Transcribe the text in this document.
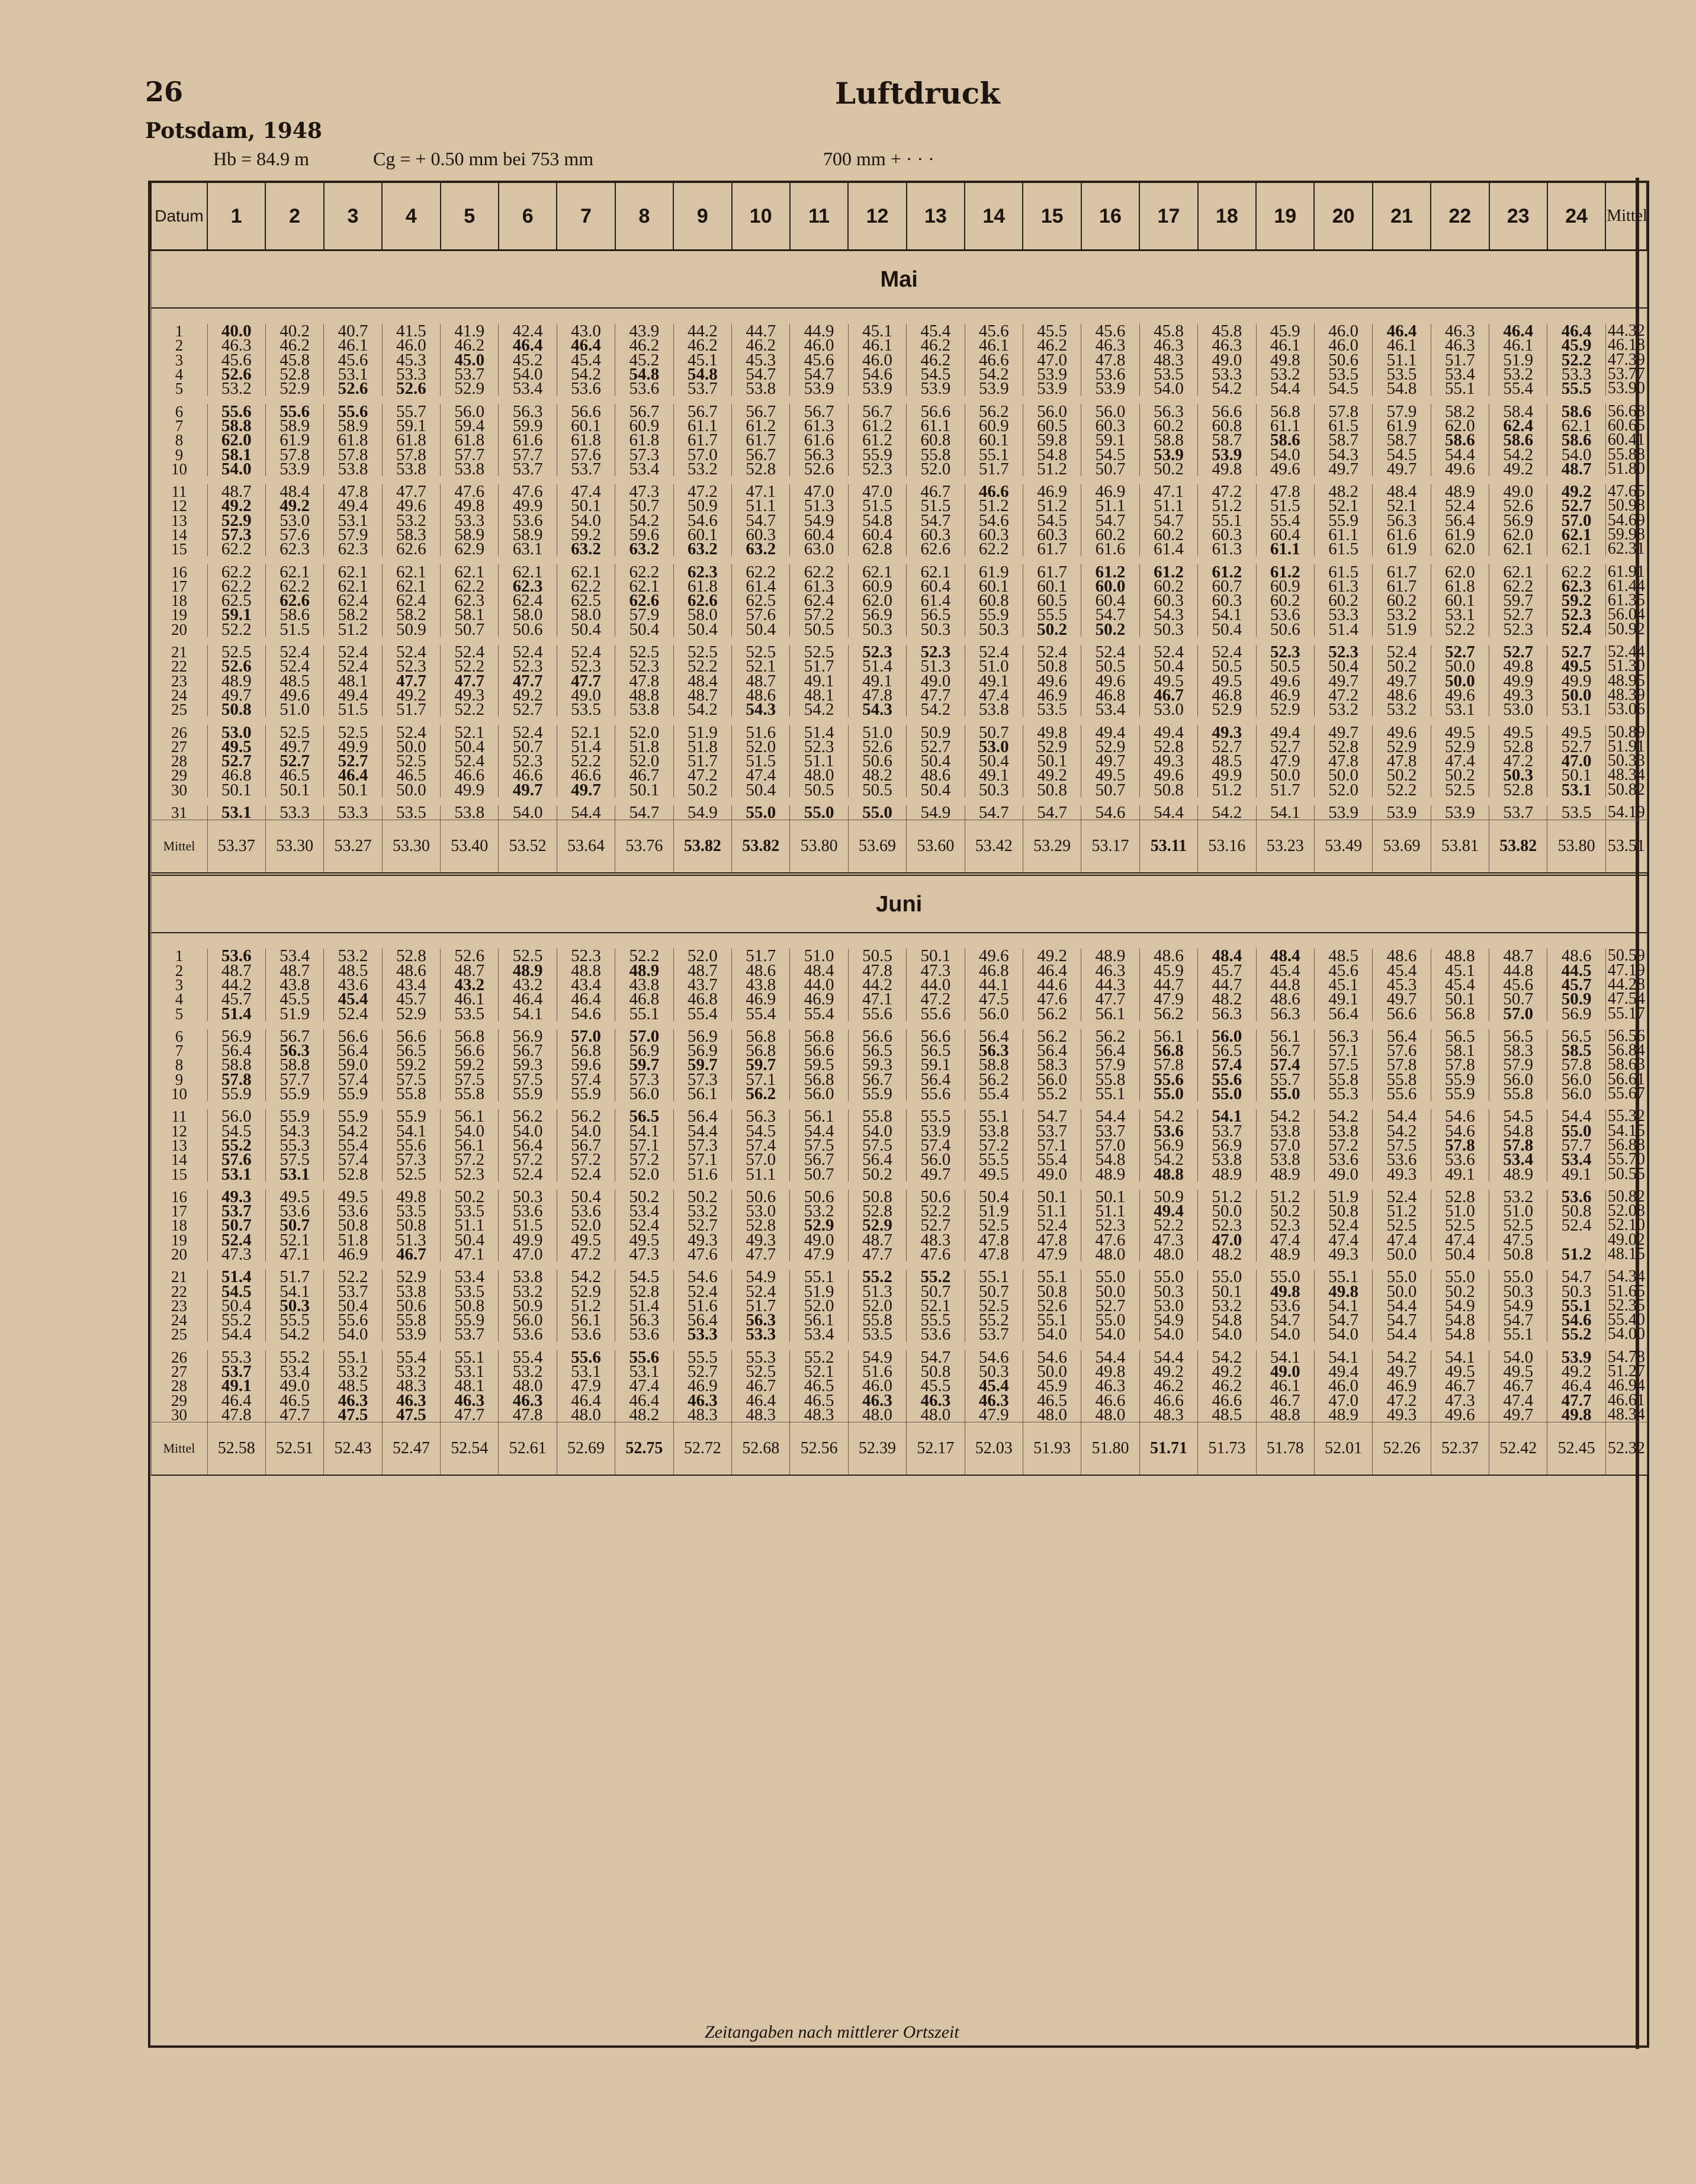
26	Luftdruck
Potsdam, 1948
Hb = 84.9 m	Cg = + 0.50 mm bei 753 mm	700 mm + · · ·
Datum	1	2	3	4	5	6	7	8	9	10	11	12	13	14	15	16	17	18	19	20	21	22	23	24	Mittel
Mai																									

1	40.0	40.2	40.7	41.5	41.9	42.4	43.0	43.9	44.2	44.7	44.9	45.1	45.4	45.6	45.5	45.6	45.8	45.8	45.9	46.0	46.4	46.3	46.4	46.4	44.32
2	46.3	46.2	46.1	46.0	46.2	46.4	46.4	46.2	46.2	46.2	46.0	46.1	46.2	46.1	46.2	46.3	46.3	46.3	46.1	46.0	46.1	46.3	46.1	45.9	46.18
3	45.6	45.8	45.6	45.3	45.0	45.2	45.4	45.2	45.1	45.3	45.6	46.0	46.2	46.6	47.0	47.8	48.3	49.0	49.8	50.6	51.1	51.7	51.9	52.2	47.39
4	52.6	52.8	53.1	53.3	53.7	54.0	54.2	54.8	54.8	54.7	54.7	54.6	54.5	54.2	53.9	53.6	53.5	53.3	53.2	53.5	53.5	53.4	53.2	53.3	53.77
5	53.2	52.9	52.6	52.6	52.9	53.4	53.6	53.6	53.7	53.8	53.9	53.9	53.9	53.9	53.9	53.9	54.0	54.2	54.4	54.5	54.8	55.1	55.4	55.5	53.90

6	55.6	55.6	55.6	55.7	56.0	56.3	56.6	56.7	56.7	56.7	56.7	56.7	56.6	56.2	56.0	56.0	56.3	56.6	56.8	57.8	57.9	58.2	58.4	58.6	56.68
7	58.8	58.9	58.9	59.1	59.4	59.9	60.1	60.9	61.1	61.2	61.3	61.2	61.1	60.9	60.5	60.3	60.2	60.8	61.1	61.5	61.9	62.0	62.4	62.1	60.65
8	62.0	61.9	61.8	61.8	61.8	61.6	61.8	61.8	61.7	61.7	61.6	61.2	60.8	60.1	59.8	59.1	58.8	58.7	58.6	58.7	58.7	58.6	58.6	58.6	60.41
9	58.1	57.8	57.8	57.8	57.7	57.7	57.6	57.3	57.0	56.7	56.3	55.9	55.8	55.1	54.8	54.5	53.9	53.9	54.0	54.3	54.5	54.4	54.2	54.0	55.88
10	54.0	53.9	53.8	53.8	53.8	53.7	53.7	53.4	53.2	52.8	52.6	52.3	52.0	51.7	51.2	50.7	50.2	49.8	49.6	49.7	49.7	49.6	49.2	48.7	51.80

11	48.7	48.4	47.8	47.7	47.6	47.6	47.4	47.3	47.2	47.1	47.0	47.0	46.7	46.6	46.9	46.9	47.1	47.2	47.8	48.2	48.4	48.9	49.0	49.2	47.65
12	49.2	49.2	49.4	49.6	49.8	49.9	50.1	50.7	50.9	51.1	51.3	51.5	51.5	51.2	51.2	51.1	51.1	51.2	51.5	52.1	52.1	52.4	52.6	52.7	50.98
13	52.9	53.0	53.1	53.2	53.3	53.6	54.0	54.2	54.6	54.7	54.9	54.8	54.7	54.6	54.5	54.7	54.7	55.1	55.4	55.9	56.3	56.4	56.9	57.0	54.69
14	57.3	57.6	57.9	58.3	58.9	58.9	59.2	59.6	60.1	60.3	60.4	60.4	60.3	60.3	60.3	60.2	60.2	60.3	60.4	61.1	61.6	61.9	62.0	62.1	59.98
15	62.2	62.3	62.3	62.6	62.9	63.1	63.2	63.2	63.2	63.2	63.0	62.8	62.6	62.2	61.7	61.6	61.4	61.3	61.1	61.5	61.9	62.0	62.1	62.1	62.31

16	62.2	62.1	62.1	62.1	62.1	62.1	62.1	62.2	62.3	62.2	62.2	62.1	62.1	61.9	61.7	61.2	61.2	61.2	61.2	61.5	61.7	62.0	62.1	62.2	61.91
17	62.2	62.2	62.1	62.1	62.2	62.3	62.2	62.1	61.8	61.4	61.3	60.9	60.4	60.1	60.1	60.0	60.2	60.7	60.9	61.3	61.7	61.8	62.2	62.3	61.44
18	62.5	62.6	62.4	62.4	62.3	62.4	62.5	62.6	62.6	62.5	62.4	62.0	61.4	60.8	60.5	60.4	60.3	60.3	60.2	60.2	60.2	60.1	59.7	59.2	61.35
19	59.1	58.6	58.2	58.2	58.1	58.0	58.0	57.9	58.0	57.6	57.2	56.9	56.5	55.9	55.5	54.7	54.3	54.1	53.6	53.3	53.2	53.1	52.7	52.3	56.04
20	52.2	51.5	51.2	50.9	50.7	50.6	50.4	50.4	50.4	50.4	50.5	50.3	50.3	50.3	50.2	50.2	50.3	50.4	50.6	51.4	51.9	52.2	52.3	52.4	50.92

21	52.5	52.4	52.4	52.4	52.4	52.4	52.4	52.5	52.5	52.5	52.5	52.3	52.3	52.4	52.4	52.4	52.4	52.4	52.3	52.3	52.4	52.7	52.7	52.7	52.44
22	52.6	52.4	52.4	52.3	52.2	52.3	52.3	52.3	52.2	52.1	51.7	51.4	51.3	51.0	50.8	50.5	50.4	50.5	50.5	50.4	50.2	50.0	49.8	49.5	51.30
23	48.9	48.5	48.1	47.7	47.7	47.7	47.7	47.8	48.4	48.7	49.1	49.1	49.0	49.1	49.6	49.6	49.5	49.5	49.6	49.7	49.7	50.0	49.9	49.9	48.95
24	49.7	49.6	49.4	49.2	49.3	49.2	49.0	48.8	48.7	48.6	48.1	47.8	47.7	47.4	46.9	46.8	46.7	46.8	46.9	47.2	48.6	49.6	49.3	50.0	48.39
25	50.8	51.0	51.5	51.7	52.2	52.7	53.5	53.8	54.2	54.3	54.2	54.3	54.2	53.8	53.5	53.4	53.0	52.9	52.9	53.2	53.2	53.1	53.0	53.1	53.06

26	53.0	52.5	52.5	52.4	52.1	52.4	52.1	52.0	51.9	51.6	51.4	51.0	50.9	50.7	49.8	49.4	49.4	49.3	49.4	49.7	49.6	49.5	49.5	49.5	50.89
27	49.5	49.7	49.9	50.0	50.4	50.7	51.4	51.8	51.8	52.0	52.3	52.6	52.7	53.0	52.9	52.9	52.8	52.7	52.7	52.8	52.9	52.9	52.8	52.7	51.91
28	52.7	52.7	52.7	52.5	52.4	52.3	52.2	52.0	51.7	51.5	51.1	50.6	50.4	50.4	50.1	49.7	49.3	48.5	47.9	47.8	47.8	47.4	47.2	47.0	50.33
29	46.8	46.5	46.4	46.5	46.6	46.6	46.6	46.7	47.2	47.4	48.0	48.2	48.6	49.1	49.2	49.5	49.6	49.9	50.0	50.0	50.2	50.2	50.3	50.1	48.34
30	50.1	50.1	50.1	50.0	49.9	49.7	49.7	50.1	50.2	50.4	50.5	50.5	50.4	50.3	50.8	50.7	50.8	51.2	51.7	52.0	52.2	52.5	52.8	53.1	50.82

31	53.1	53.3	53.3	53.5	53.8	54.0	54.4	54.7	54.9	55.0	55.0	55.0	54.9	54.7	54.7	54.6	54.4	54.2	54.1	53.9	53.9	53.9	53.7	53.5	54.19
Mittel	53.37	53.30	53.27	53.30	53.40	53.52	53.64	53.76	53.82	53.82	53.80	53.69	53.60	53.42	53.29	53.17	53.11	53.16	53.23	53.49	53.69	53.81	53.82	53.80	53.51
Juni																									

1	53.6	53.4	53.2	52.8	52.6	52.5	52.3	52.2	52.0	51.7	51.0	50.5	50.1	49.6	49.2	48.9	48.6	48.4	48.4	48.5	48.6	48.8	48.7	48.6	50.59
2	48.7	48.7	48.5	48.6	48.7	48.9	48.8	48.9	48.7	48.6	48.4	47.8	47.3	46.8	46.4	46.3	45.9	45.7	45.4	45.6	45.4	45.1	44.8	44.5	47.19
3	44.2	43.8	43.6	43.4	43.2	43.2	43.4	43.8	43.7	43.8	44.0	44.2	44.0	44.1	44.6	44.3	44.7	44.7	44.8	45.1	45.3	45.4	45.6	45.7	44.28
4	45.7	45.5	45.4	45.7	46.1	46.4	46.4	46.8	46.8	46.9	46.9	47.1	47.2	47.5	47.6	47.7	47.9	48.2	48.6	49.1	49.7	50.1	50.7	50.9	47.54
5	51.4	51.9	52.4	52.9	53.5	54.1	54.6	55.1	55.4	55.4	55.4	55.6	55.6	56.0	56.2	56.1	56.2	56.3	56.3	56.4	56.6	56.8	57.0	56.9	55.17

6	56.9	56.7	56.6	56.6	56.8	56.9	57.0	57.0	56.9	56.8	56.8	56.6	56.6	56.4	56.2	56.2	56.1	56.0	56.1	56.3	56.4	56.5	56.5	56.5	56.56
7	56.4	56.3	56.4	56.5	56.6	56.7	56.8	56.9	56.9	56.8	56.6	56.5	56.5	56.3	56.4	56.4	56.8	56.5	56.7	57.1	57.6	58.1	58.3	58.5	56.84
8	58.8	58.8	59.0	59.2	59.2	59.3	59.6	59.7	59.7	59.7	59.5	59.3	59.1	58.8	58.3	57.9	57.8	57.4	57.4	57.5	57.8	57.8	57.9	57.8	58.63
9	57.8	57.7	57.4	57.5	57.5	57.5	57.4	57.3	57.3	57.1	56.8	56.7	56.4	56.2	56.0	55.8	55.6	55.6	55.7	55.8	55.8	55.9	56.0	56.0	56.61
10	55.9	55.9	55.9	55.8	55.8	55.9	55.9	56.0	56.1	56.2	56.0	55.9	55.6	55.4	55.2	55.1	55.0	55.0	55.0	55.3	55.6	55.9	55.8	56.0	55.67

11	56.0	55.9	55.9	55.9	56.1	56.2	56.2	56.5	56.4	56.3	56.1	55.8	55.5	55.1	54.7	54.4	54.2	54.1	54.2	54.2	54.4	54.6	54.5	54.4	55.32
12	54.5	54.3	54.2	54.1	54.0	54.0	54.0	54.1	54.4	54.5	54.4	54.0	53.9	53.8	53.7	53.7	53.6	53.7	53.8	53.8	54.2	54.6	54.8	55.0	54.15
13	55.2	55.3	55.4	55.6	56.1	56.4	56.7	57.1	57.3	57.4	57.5	57.5	57.4	57.2	57.1	57.0	56.9	56.9	57.0	57.2	57.5	57.8	57.8	57.7	56.88
14	57.6	57.5	57.4	57.3	57.2	57.2	57.2	57.2	57.1	57.0	56.7	56.4	56.0	55.5	55.4	54.8	54.2	53.8	53.8	53.6	53.6	53.6	53.4	53.4	55.70
15	53.1	53.1	52.8	52.5	52.3	52.4	52.4	52.0	51.6	51.1	50.7	50.2	49.7	49.5	49.0	48.9	48.8	48.9	48.9	49.0	49.3	49.1	48.9	49.1	50.55

16	49.3	49.5	49.5	49.8	50.2	50.3	50.4	50.2	50.2	50.6	50.6	50.8	50.6	50.4	50.1	50.1	50.9	51.2	51.2	51.9	52.4	52.8	53.2	53.6	50.82
17	53.7	53.6	53.6	53.5	53.5	53.6	53.6	53.4	53.2	53.0	53.2	52.8	52.2	51.9	51.1	51.1	49.4	50.0	50.2	50.8	51.2	51.0	51.0	50.8	52.08
18	50.7	50.7	50.8	50.8	51.1	51.5	52.0	52.4	52.7	52.8	52.9	52.9	52.7	52.5	52.4	52.3	52.2	52.3	52.3	52.4	52.5	52.5	52.5	52.4	52.10
19	52.4	52.1	51.8	51.3	50.4	49.9	49.5	49.5	49.3	49.3	49.0	48.7	48.3	47.8	47.8	47.6	47.3	47.0	47.4	47.4	47.4	47.4	47.5		49.02
20	47.3	47.1	46.9	46.7	47.1	47.0	47.2	47.3	47.6	47.7	47.9	47.7	47.6	47.8	47.9	48.0	48.0	48.2	48.9	49.3	50.0	50.4	50.8	51.2	48.15

21	51.4	51.7	52.2	52.9	53.4	53.8	54.2	54.5	54.6	54.9	55.1	55.2	55.2	55.1	55.1	55.0	55.0	55.0	55.0	55.1	55.0	55.0	55.0	54.7	54.34
22	54.5	54.1	53.7	53.8	53.5	53.2	52.9	52.8	52.4	52.4	51.9	51.3	50.7	50.7	50.8	50.0	50.3	50.1	49.8	49.8	50.0	50.2	50.3	50.3	51.65
23	50.4	50.3	50.4	50.6	50.8	50.9	51.2	51.4	51.6	51.7	52.0	52.0	52.1	52.5	52.6	52.7	53.0	53.2	53.6	54.1	54.4	54.9	54.9	55.1	52.35
24	55.2	55.5	55.6	55.8	55.9	56.0	56.1	56.3	56.4	56.3	56.1	55.8	55.5	55.2	55.1	55.0	54.9	54.8	54.7	54.7	54.7	54.8	54.7	54.6	55.40
25	54.4	54.2	54.0	53.9	53.7	53.6	53.6	53.6	53.3	53.3	53.4	53.5	53.6	53.7	54.0	54.0	54.0	54.0	54.0	54.0	54.4	54.8	55.1	55.2	54.00

26	55.3	55.2	55.1	55.4	55.1	55.4	55.6	55.6	55.5	55.3	55.2	54.9	54.7	54.6	54.6	54.4	54.4	54.2	54.1	54.1	54.2	54.1	54.0	53.9	54.78
27	53.7	53.4	53.2	53.2	53.1	53.2	53.1	53.1	52.7	52.5	52.1	51.6	50.8	50.3	50.0	49.8	49.2	49.2	49.0	49.4	49.7	49.5	49.5	49.2	51.27
28	49.1	49.0	48.5	48.3	48.1	48.0	47.9	47.4	46.9	46.7	46.5	46.0	45.5	45.4	45.9	46.3	46.2	46.2	46.1	46.0	46.9	46.7	46.7	46.4	46.94
29	46.4	46.5	46.3	46.3	46.3	46.3	46.4	46.4	46.3	46.4	46.5	46.3	46.3	46.3	46.5	46.6	46.6	46.6	46.7	47.0	47.2	47.3	47.4	47.7	46.61
30	47.8	47.7	47.5	47.5	47.7	47.8	48.0	48.2	48.3	48.3	48.3	48.0	48.0	47.9	48.0	48.0	48.3	48.5	48.8	48.9	49.3	49.6	49.7	49.8	48.34
Mittel	52.58	52.51	52.43	52.47	52.54	52.61	52.69	52.75	52.72	52.68	52.56	52.39	52.17	52.03	51.93	51.80	51.71	51.73	51.78	52.01	52.26	52.37	52.42	52.45	52.32
Zeitangaben nach mittlerer Ortszeit
